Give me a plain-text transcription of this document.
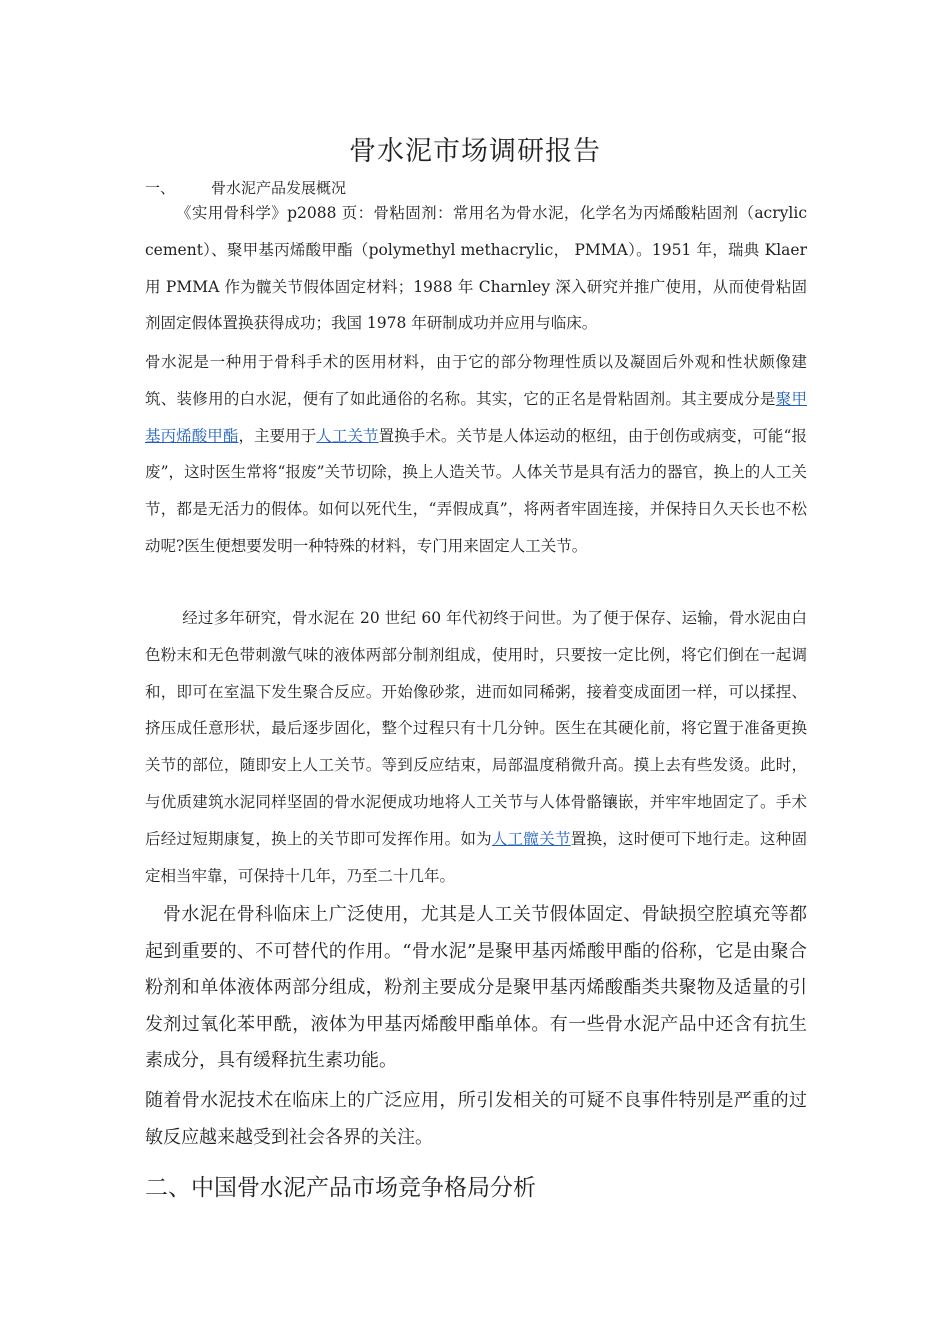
骨水泥市场调研报告
一、 骨水泥产品发展概况

《实用骨科学》p2088 页：骨粘固剂：常用名为骨水泥，化学名为丙烯酸粘固剂（acrylic cement）、聚甲基丙烯酸甲酯（polymethyl methacrylic， PMMA）。1951 年，瑞典 Klaer 用 PMMA 作为髋关节假体固定材料；1988 年 Charnley 深入研究并推广使用，从而使骨粘固剂固定假体置换获得成功；我国 1978 年研制成功并应用与临床。

骨水泥是一种用于骨科手术的医用材料，由于它的部分物理性质以及凝固后外观和性状颇像建筑、装修用的白水泥，便有了如此通俗的名称。其实，它的正名是骨粘固剂。其主要成分是聚甲基丙烯酸甲酯，主要用于人工关节置换手术。关节是人体运动的枢纽，由于创伤或病变，可能“报废”，这时医生常将“报废”关节切除，换上人造关节。人体关节是具有活力的器官，换上的人工关节，都是无活力的假体。如何以死代生，“弄假成真”，将两者牢固连接，并保持日久天长也不松动呢?医生便想要发明一种特殊的材料，专门用来固定人工关节。

经过多年研究，骨水泥在 20 世纪 60 年代初终于问世。为了便于保存、运输，骨水泥由白色粉末和无色带刺激气味的液体两部分制剂组成，使用时，只要按一定比例，将它们倒在一起调和，即可在室温下发生聚合反应。开始像砂浆，进而如同稀粥，接着变成面团一样，可以揉捏、挤压成任意形状，最后逐步固化，整个过程只有十几分钟。医生在其硬化前，将它置于准备更换关节的部位，随即安上人工关节。等到反应结束，局部温度稍微升高。摸上去有些发烫。此时，与优质建筑水泥同样坚固的骨水泥便成功地将人工关节与人体骨骼镶嵌，并牢牢地固定了。手术后经过短期康复，换上的关节即可发挥作用。如为人工髋关节置换，这时便可下地行走。这种固定相当牢靠，可保持十几年，乃至二十几年。

骨水泥在骨科临床上广泛使用，尤其是人工关节假体固定、骨缺损空腔填充等都起到重要的、不可替代的作用。“骨水泥”是聚甲基丙烯酸甲酯的俗称，它是由聚合粉剂和单体液体两部分组成，粉剂主要成分是聚甲基丙烯酸酯类共聚物及适量的引发剂过氧化苯甲酰，液体为甲基丙烯酸甲酯单体。有一些骨水泥产品中还含有抗生素成分，具有缓释抗生素功能。

随着骨水泥技术在临床上的广泛应用，所引发相关的可疑不良事件特别是严重的过敏反应越来越受到社会各界的关注。

二、中国骨水泥产品市场竞争格局分析
